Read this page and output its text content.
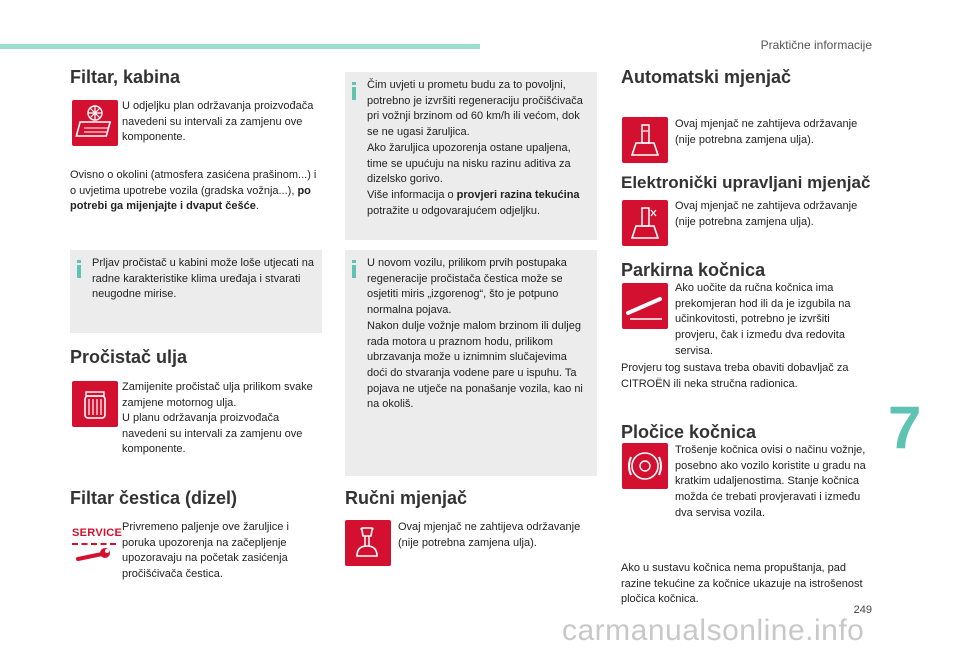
Praktične informacije
7
249
carmanualsonline.info
Filtar, kabina

U odjeljku plan održavanja proizvođača navedeni su intervali za zamjenu ove komponente.

Ovisno o okolini (atmosfera zasićena prašinom...) i o uvjetima upotrebe vozila (gradska vožnja...), po potrebi ga mijenjajte i dvaput češće.

Prljav pročistač u kabini može loše utjecati na radne karakteristike klima uređaja i stvarati neugodne mirise.
Pročistač ulja

Zamijenite pročistač ulja prilikom svake zamjene motornog ulja.

U planu održavanja proizvođača navedeni su intervali za zamjenu ove komponente.

Filtar čestica (dizel)
SERVICE Privremeno paljenje ove žaruljice i poruka upozorenja na začepljenje upozoravaju na početak zasićenja pročišćivača čestica.

Čim uvjeti u prometu budu za to povoljni, potrebno je izvršiti regeneraciju pročišćivača pri vožnji brzinom od 60 km/h ili većom, dok se ne ugasi žaruljica.
Ako žaruljica upozorenja ostane upaljena, time se upućuju na nisku razinu aditiva za dizelsko gorivo.
Više informacija o provjeri razina tekućina potražite u odgovarajućem odjeljku.
U novom vozilu, prilikom prvih postupaka regeneracije pročistača čestica može se osjetiti miris „izgorenog“, što je potpuno normalna pojava.
Nakon dulje vožnje malom brzinom ili duljeg rada motora u praznom hodu, prilikom ubrzavanja može u iznimnim slučajevima doći do stvaranja vodene pare u ispuhu. Ta pojava ne utječe na ponašanje vozila, kao ni na okoliš.
Ručni mjenjač

Ovaj mjenjač ne zahtijeva održavanje (nije potrebna zamjena ulja).

Automatski mjenjač

Ovaj mjenjač ne zahtijeva održavanje (nije potrebna zamjena ulja).

Elektronički upravljani mjenjač

Ovaj mjenjač ne zahtijeva održavanje (nije potrebna zamjena ulja).

Parkirna kočnica

Ako uočite da ručna kočnica ima prekomjeran hod ili da je izgubila na učinkovitosti, potrebno je izvršiti provjeru, čak i između dva redovita servisa.

Provjeru tog sustava treba obaviti dobavljač za CITROËN ili neka stručna radionica.

Pločice kočnica

Trošenje kočnica ovisi o načinu vožnje, posebno ako vozilo koristite u gradu na kratkim udaljenostima. Stanje kočnica možda će trebati provjeravati i između dva servisa vozila.

Ako u sustavu kočnica nema propuštanja, pad razine tekućine za kočnice ukazuje na istrošenost pločica kočnica.
